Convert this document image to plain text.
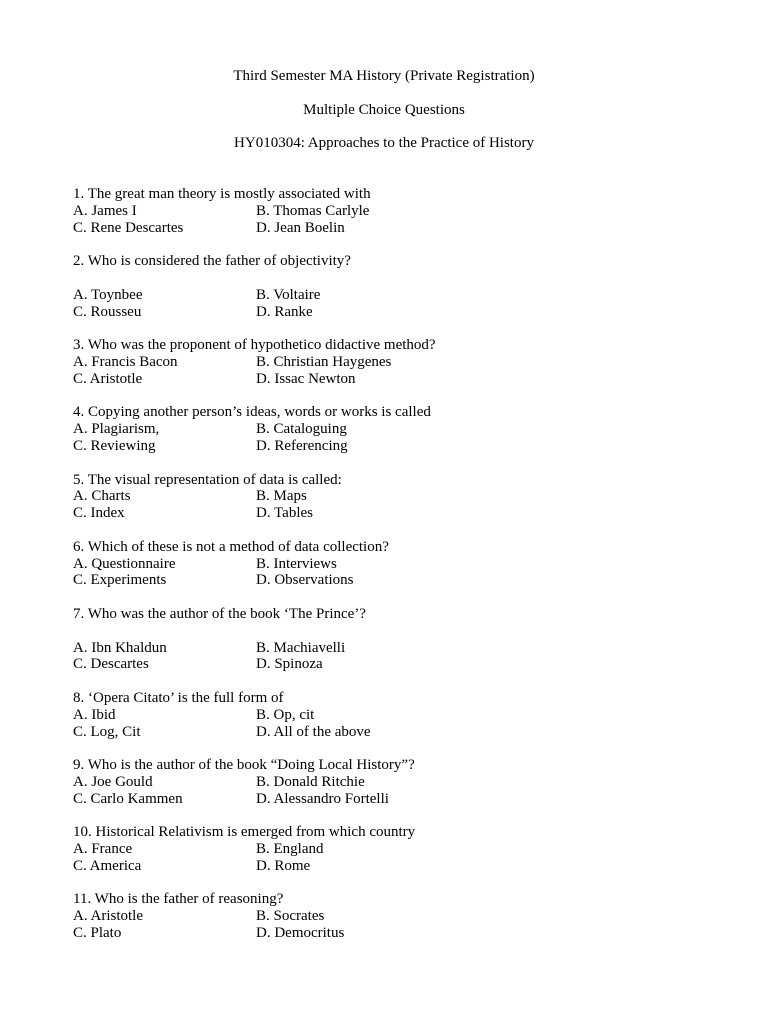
Third Semester MA History (Private Registration)
Multiple Choice Questions
HY010304: Approaches to the Practice of History
1. The great man theory is mostly associated with
A. James I	B. Thomas Carlyle
C. Rene Descartes	D. Jean Boelin
2. Who is considered the father of objectivity?
A. Toynbee	B. Voltaire
C. Rousseu	D. Ranke
3. Who was the proponent of hypothetico didactive method?
A. Francis Bacon	B. Christian Haygenes
C. Aristotle	D. Issac Newton
4. Copying another person’s ideas, words or works is called
A. Plagiarism,	B. Cataloguing
C. Reviewing	D. Referencing
5. The visual representation of data is called:
A. Charts	B. Maps
C. Index	D. Tables
6. Which of these is not a method of data collection?
A. Questionnaire	B. Interviews
C. Experiments	D. Observations
7. Who was the author of the book ‘The Prince’?
A. Ibn Khaldun	B. Machiavelli
C. Descartes	D. Spinoza
8. ‘Opera Citato’ is the full form of
A. Ibid	B. Op, cit
C. Log, Cit	D. All of the above
9. Who is the author of the book “Doing Local History”?
A. Joe Gould	B. Donald Ritchie
C. Carlo Kammen	D. Alessandro Fortelli
10. Historical Relativism is emerged from which country
A. France	B. England
C. America	D. Rome
11. Who is the father of reasoning?
A. Aristotle	B. Socrates
C. Plato	D. Democritus
